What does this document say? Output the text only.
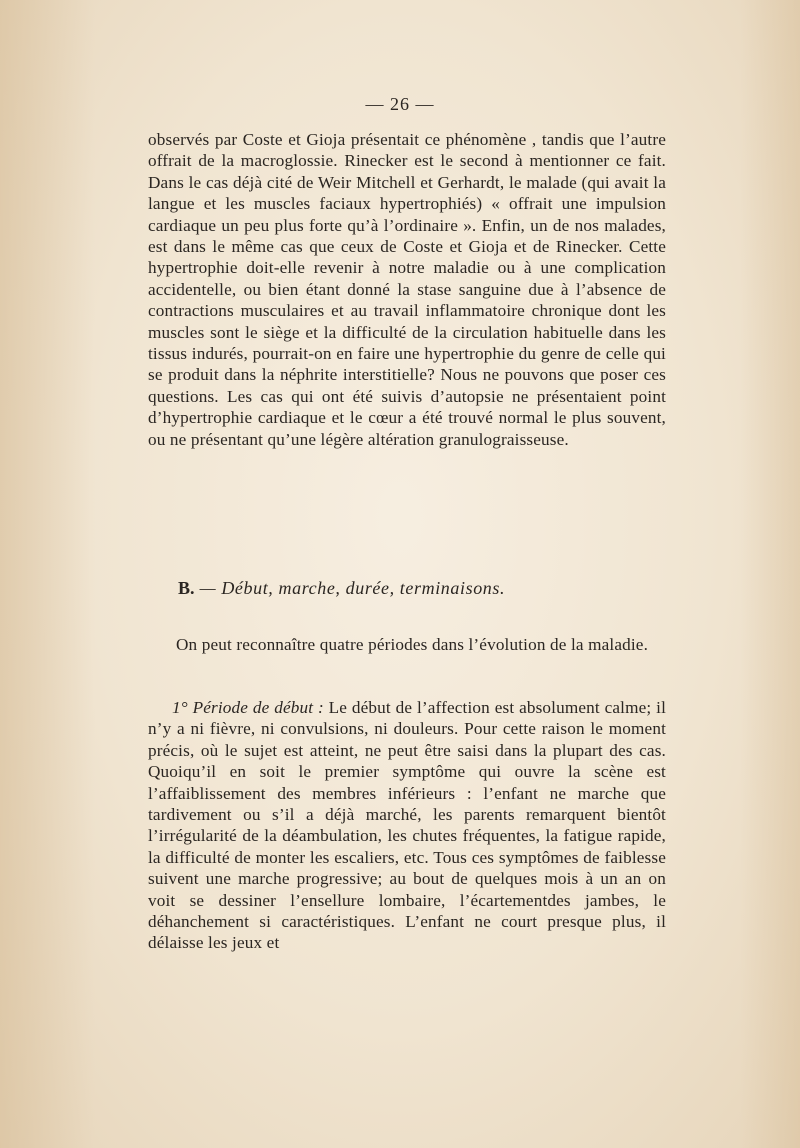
— 26 —

observés par Coste et Gioja présentait ce phénomène , tandis que l’autre offrait de la macroglossie. Rinecker est le second à mentionner ce fait. Dans le cas déjà cité de Weir Mitchell et Gerhardt, le malade (qui avait la langue et les muscles faciaux hypertrophiés) « offrait une impulsion cardiaque un peu plus forte qu’à l’ordinaire ». Enfin, un de nos malades, est dans le même cas que ceux de Coste et Gioja et de Rinecker. Cette hypertrophie doit-elle revenir à notre maladie ou à une complication accidentelle, ou bien étant donné la stase sanguine due à l’absence de contractions musculaires et au travail inflammatoire chronique dont les muscles sont le siège et la difficulté de la circulation habituelle dans les tissus indurés, pourrait-on en faire une hypertrophie du genre de celle qui se produit dans la néphrite interstitielle? Nous ne pouvons que poser ces questions. Les cas qui ont été suivis d’autopsie ne présentaient point d’hypertrophie cardiaque et le cœur a été trouvé normal le plus souvent, ou ne présentant qu’une légère altération granulograisseuse.

B. — Début, marche, durée, terminaisons.

On peut reconnaître quatre périodes dans l’évolution de la maladie.

1° Période de début : Le début de l’affection est absolument calme; il n’y a ni fièvre, ni convulsions, ni douleurs. Pour cette raison le moment précis, où le sujet est atteint, ne peut être saisi dans la plupart des cas. Quoiqu’il en soit le premier symptôme qui ouvre la scène est l’affaiblissement des membres inférieurs : l’enfant ne marche que tardivement ou s’il a déjà marché, les parents remarquent bientôt l’irrégularité de la déambulation, les chutes fréquentes, la fatigue rapide, la difficulté de monter les escaliers, etc. Tous ces symptômes de faiblesse suivent une marche progressive; au bout de quelques mois à un an on voit se dessiner l’ensellure lombaire, l’écartementdes jambes, le déhanchement si caractéristiques. L’enfant ne court presque plus, il délaisse les jeux et
